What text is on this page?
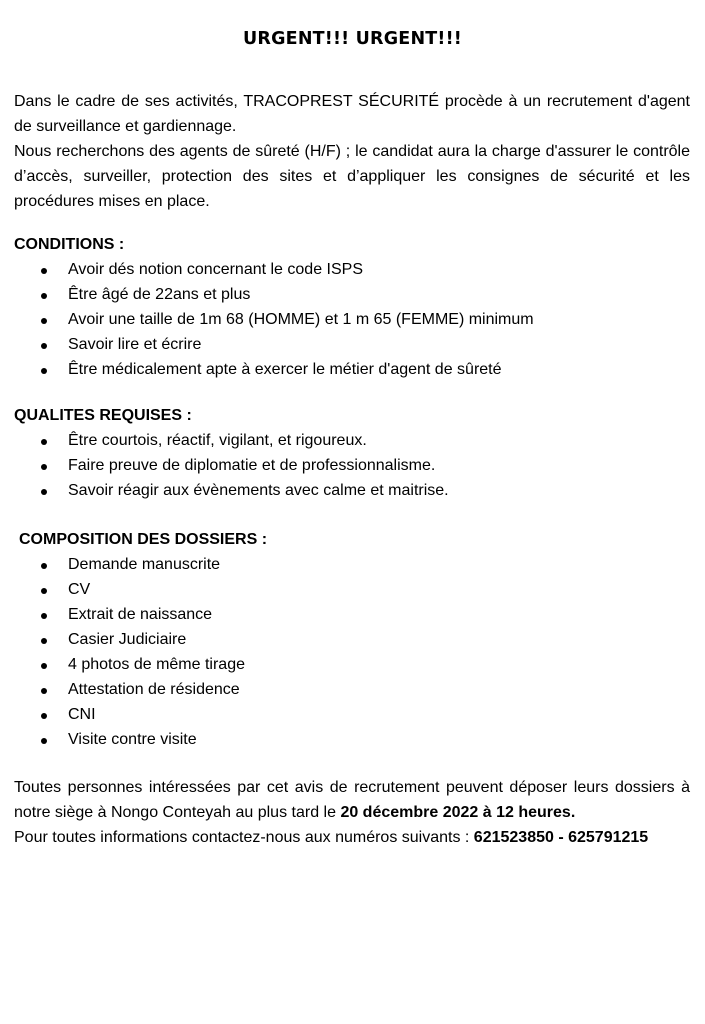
URGENT!!! URGENT!!!

Dans le cadre de ses activités, TRACOPREST SÉCURITÉ procède à un recrutement d'agent de surveillance et gardiennage.

Nous recherchons des agents de sûreté (H/F) ; le candidat aura la charge d'assurer le contrôle d’accès, surveiller, protection des sites et d’appliquer les consignes de sécurité et les procédures mises en place.

CONDITIONS :

Avoir dés notion concernant le code ISPS
Être âgé de 22ans et plus
Avoir une taille de 1m 68 (HOMME) et 1 m 65 (FEMME) minimum
Savoir lire et écrire
Être médicalement apte à exercer le métier d'agent de sûreté

QUALITES REQUISES :

Être courtois, réactif, vigilant, et rigoureux.
Faire preuve de diplomatie et de professionnalisme.
Savoir réagir aux évènements avec calme et maitrise.

COMPOSITION DES DOSSIERS :

Demande manuscrite
CV
Extrait de naissance
Casier Judiciaire
4 photos de même tirage
Attestation de résidence
CNI
Visite contre visite

Toutes personnes intéressées par cet avis de recrutement peuvent déposer leurs dossiers à notre siège à Nongo Conteyah au plus tard le 20 décembre 2022 à 12 heures.

Pour toutes informations contactez-nous aux numéros suivants : 621523850 - 625791215
